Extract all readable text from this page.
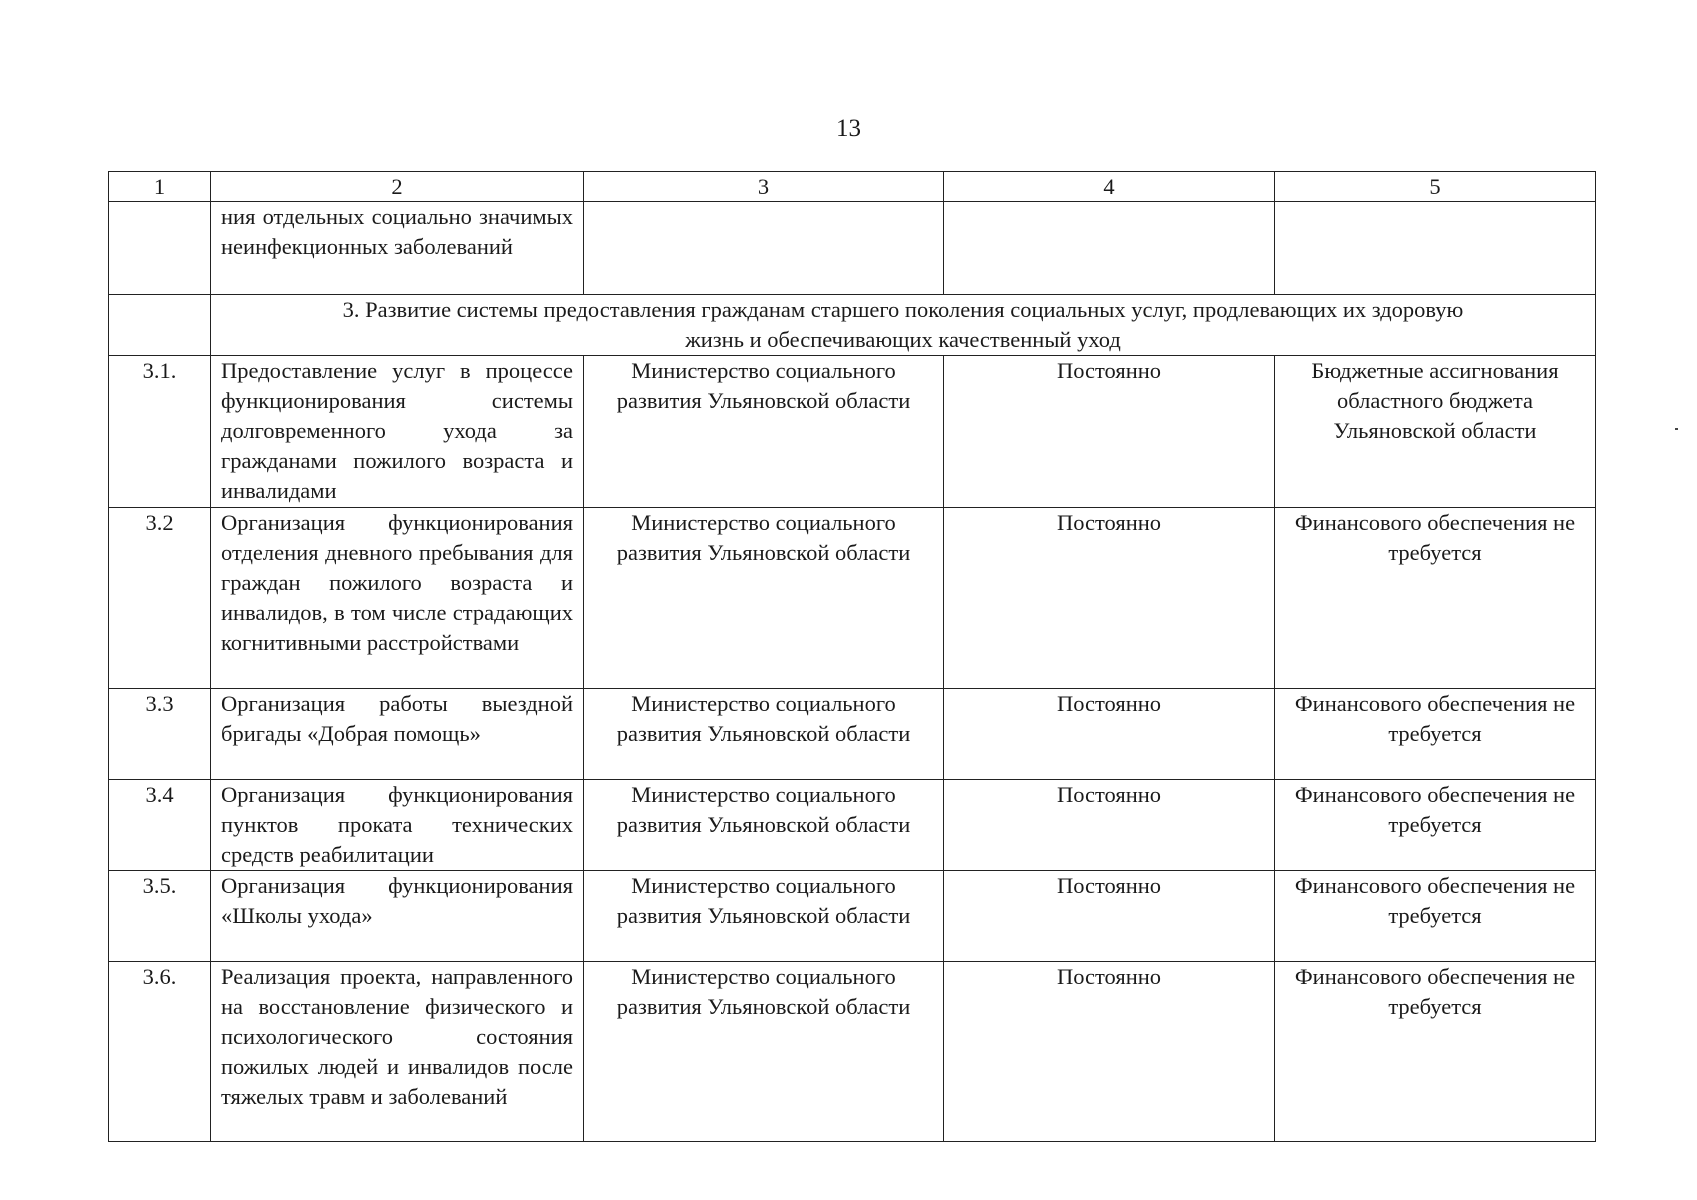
13
1	2	3	4	5
	ния отдельных социально значимых неинфекционных заболеваний			
	3. Развитие системы предоставления гражданам старшего поколения социальных услуг, продлевающих их здоровую жизнь и обеспечивающих качественный уход			
3.1.	Предоставление услуг в процессе функционирования системы долговременного ухода за гражданами пожилого возраста и инвалидами	Министерство социального развития Ульяновской области	Постоянно	Бюджетные ассигнования областного бюджета Ульяновской области
3.2	Организация функционирования отделения дневного пребывания для граждан пожилого возраста и инвалидов, в том числе страдающих когнитивными расстройствами	Министерство социального развития Ульяновской области	Постоянно	Финансового обеспечения не требуется
3.3	Организация работы выездной бригады «Добрая помощь»	Министерство социального развития Ульяновской области	Постоянно	Финансового обеспечения не требуется
3.4	Организация функционирования пунктов проката технических средств реабилитации	Министерство социального развития Ульяновской области	Постоянно	Финансового обеспечения не требуется
3.5.	Организация функционирования «Школы ухода»	Министерство социального развития Ульяновской области	Постоянно	Финансового обеспечения не требуется
3.6.	Реализация проекта, направленного на восстановление физического и психологического состояния пожилых людей и инвалидов после тяжелых травм и заболеваний	Министерство социального развития Ульяновской области	Постоянно	Финансового обеспечения не требуется
